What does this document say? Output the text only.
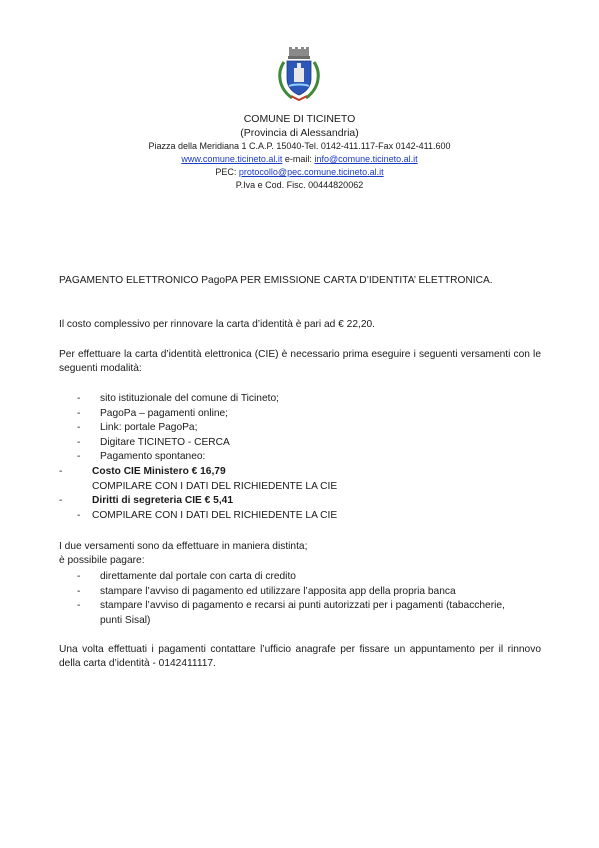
COMUNE DI TICINETO
(Provincia di Alessandria)
Piazza della Meridiana 1 C.A.P. 15040-Tel. 0142-411.117-Fax 0142-411.600
www.comune.ticineto.al.it e-mail: info@comune.ticineto.al.it
PEC: protocollo@pec.comune.ticineto.al.it
P.Iva e Cod. Fisc. 00444820062
PAGAMENTO ELETTRONICO PagoPA PER EMISSIONE CARTA D’IDENTITA’ ELETTRONICA.
Il costo complessivo per rinnovare la carta d’identità è pari ad € 22,20.
Per effettuare la carta d’identità elettronica (CIE) è necessario prima eseguire i seguenti versamenti con le seguenti modalità:
- sito istituzionale del comune di Ticineto;
- PagoPa – pagamenti online;
- Link: portale PagoPa;
- Digitare TICINETO - CERCA
- Pagamento spontaneo:
-	Costo CIE Ministero € 16,79
COMPILARE CON I DATI DEL RICHIEDENTE LA CIE
-	Diritti di segreteria CIE € 5,41
- COMPILARE CON I DATI DEL RICHIEDENTE LA CIE
I due versamenti sono da effettuare in maniera distinta;
è possibile pagare:
- direttamente dal portale con carta di credito
- stampare l’avviso di pagamento ed utilizzare l’apposita app della propria banca
- stampare l’avviso di pagamento e recarsi ai punti autorizzati per i pagamenti (tabaccherie,
punti Sisal)
Una volta effettuati i pagamenti contattare l’ufficio anagrafe per fissare un appuntamento per il rinnovo della carta d’identità - 0142411117.
